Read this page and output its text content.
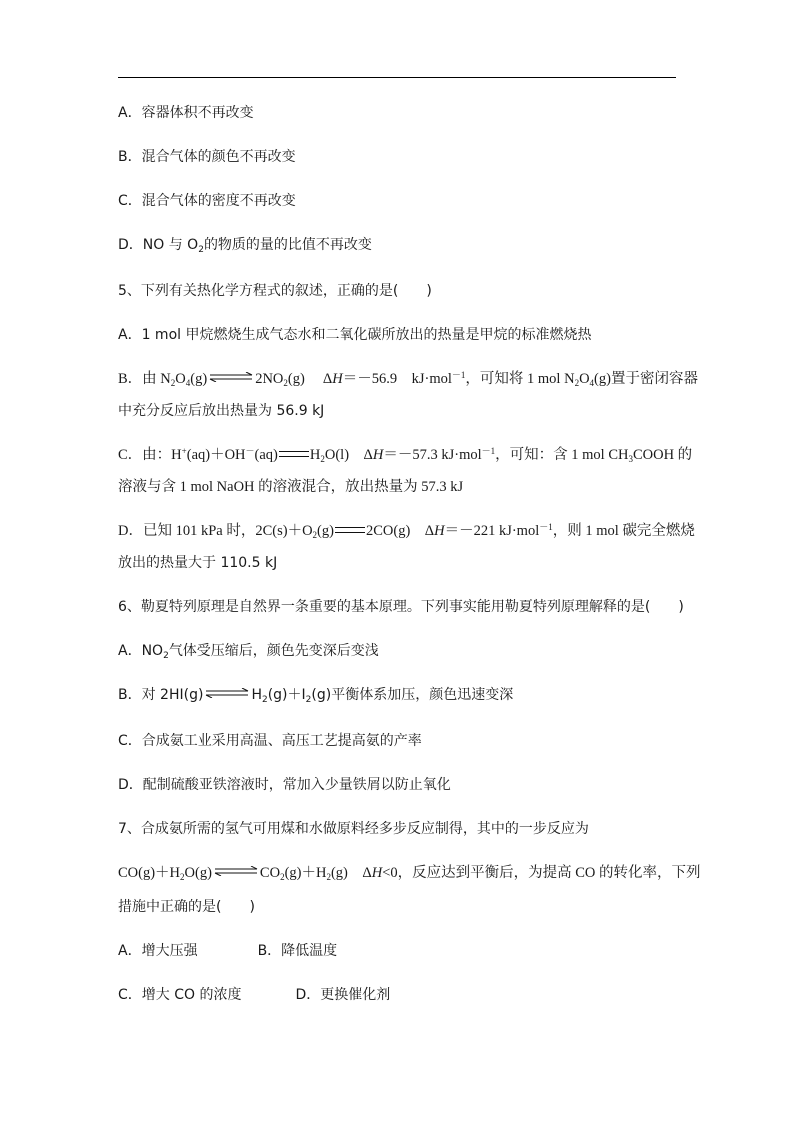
A．容器体积不再改变
B．混合气体的颜色不再改变
C．混合气体的密度不再改变
D．NO 与 $O_2$的物质的量的比值不再改变
5、下列有关热化学方程式的叙述，正确的是(　　)
A．1 mol 甲烷燃烧生成气态水和二氧化碳所放出的热量是甲烷的标准燃烧热
B．由 $N_2O_4(g)\rightleftharpoons 2NO_2(g)$　 ΔH＝－56.9　kJ·mol$^{-1}$，可知将 1 mol $N_2O_4(g)$置于密闭容器
中充分反应后放出热量为 56.9 kJ
C．由：H+(aq)＋OH－(aq) $H_2O(l)$　ΔH＝－57.3 kJ·mol$^{-1}$，可知：含 1 mol $CH_3COOH$ 的
溶液与含 1 mol NaOH 的溶液混合，放出热量为 57.3 kJ
D．已知 101 kPa 时，$2C(s)+O_2(g)$ 2CO(g)　ΔH＝－221 kJ·mol$^{-1}$，则 1 mol 碳完全燃烧
放出的热量大于 110.5 kJ
6、勒夏特列原理是自然界一条重要的基本原理。下列事实能用勒夏特列原理解释的是(　　)
A．$NO_2$气体受压缩后，颜色先变深后变浅
B．对 $2HI(g)\rightleftharpoons H_2(g)+I_2(g)$平衡体系加压，颜色迅速变深
C．合成氨工业采用高温、高压工艺提高氨的产率
D．配制硫酸亚铁溶液时，常加入少量铁屑以防止氧化
7、合成氨所需的氢气可用煤和水做原料经多步反应制得，其中的一步反应为
$CO(g)+H_2O(g)\rightleftharpoons CO_2(g)+H_2(g)$　ΔH<0，反应达到平衡后，为提高 CO 的转化率，下列
措施中正确的是(　　)
A．增大压强	B．降低温度
C．增大 CO 的浓度	D．更换催化剂
